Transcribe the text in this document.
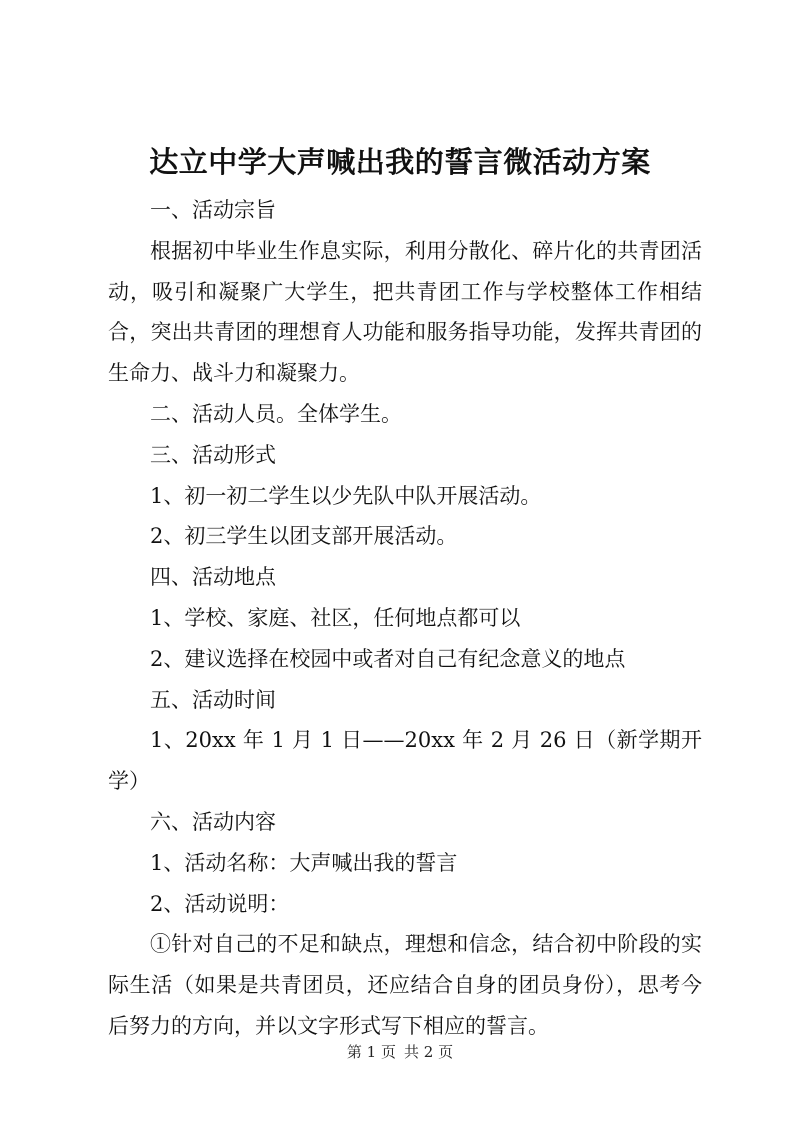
达立中学大声喊出我的誓言微活动方案

一、活动宗旨

根据初中毕业生作息实际，利用分散化、碎片化的共青团活动，吸引和凝聚广大学生，把共青团工作与学校整体工作相结合，突出共青团的理想育人功能和服务指导功能，发挥共青团的生命力、战斗力和凝聚力。

二、活动人员。全体学生。

三、活动形式

1、初一初二学生以少先队中队开展活动。

2、初三学生以团支部开展活动。

四、活动地点

1、学校、家庭、社区，任何地点都可以

2、建议选择在校园中或者对自己有纪念意义的地点

五、活动时间

1、20xx 年 1 月 1 日——20xx 年 2 月 26 日（新学期开学）

六、活动内容

1、活动名称：大声喊出我的誓言

2、活动说明：

①针对自己的不足和缺点，理想和信念，结合初中阶段的实际生活（如果是共青团员，还应结合自身的团员身份），思考今后努力的方向，并以文字形式写下相应的誓言。

第 1 页 共 2 页
